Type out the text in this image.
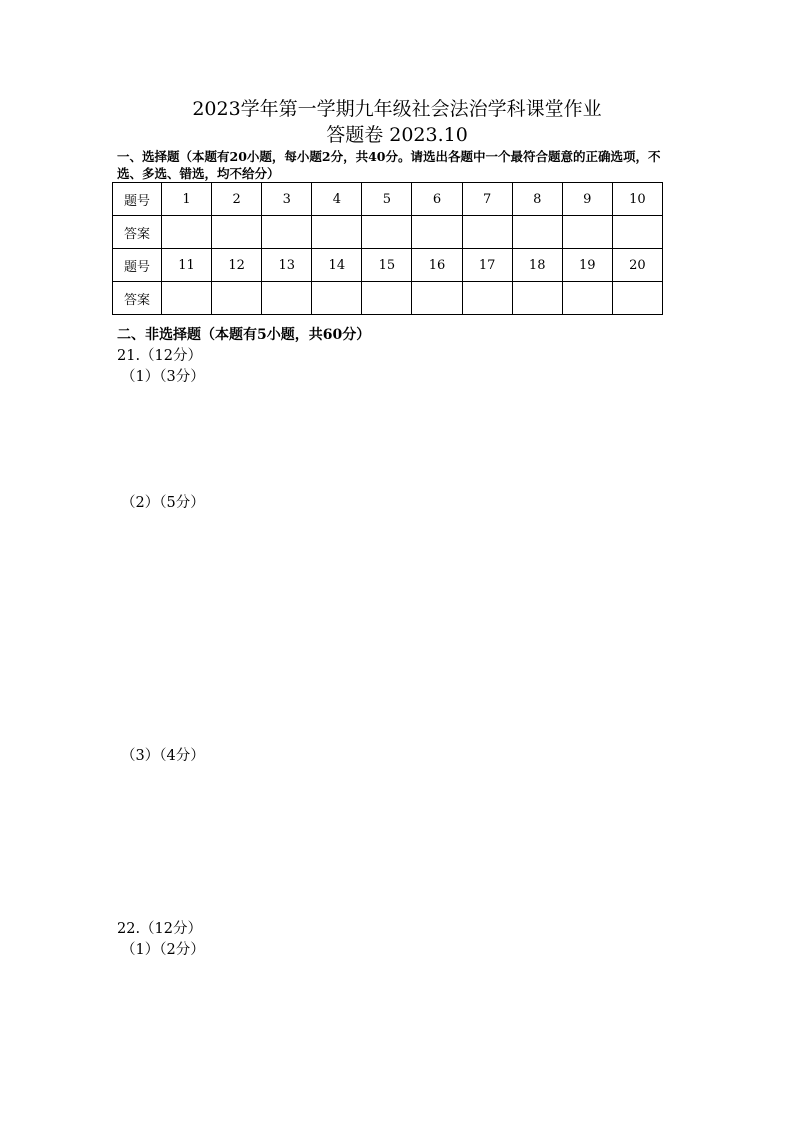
2023学年第一学期九年级社会法治学科课堂作业
答题卷 2023.10
一、选择题（本题有20小题，每小题2分，共40分。请选出各题中一个最符合题意的正确选项，不选、多选、错选，均不给分）
题号	1	2	3	4	5	6	7	8	9	10
答案										
题号	11	12	13	14	15	16	17	18	19	20
答案										
二、非选择题（本题有5小题，共60分）
21.（12分）
（1）（3分）
（2）（5分）
（3）（4分）
22.（12分）
（1）（2分）
